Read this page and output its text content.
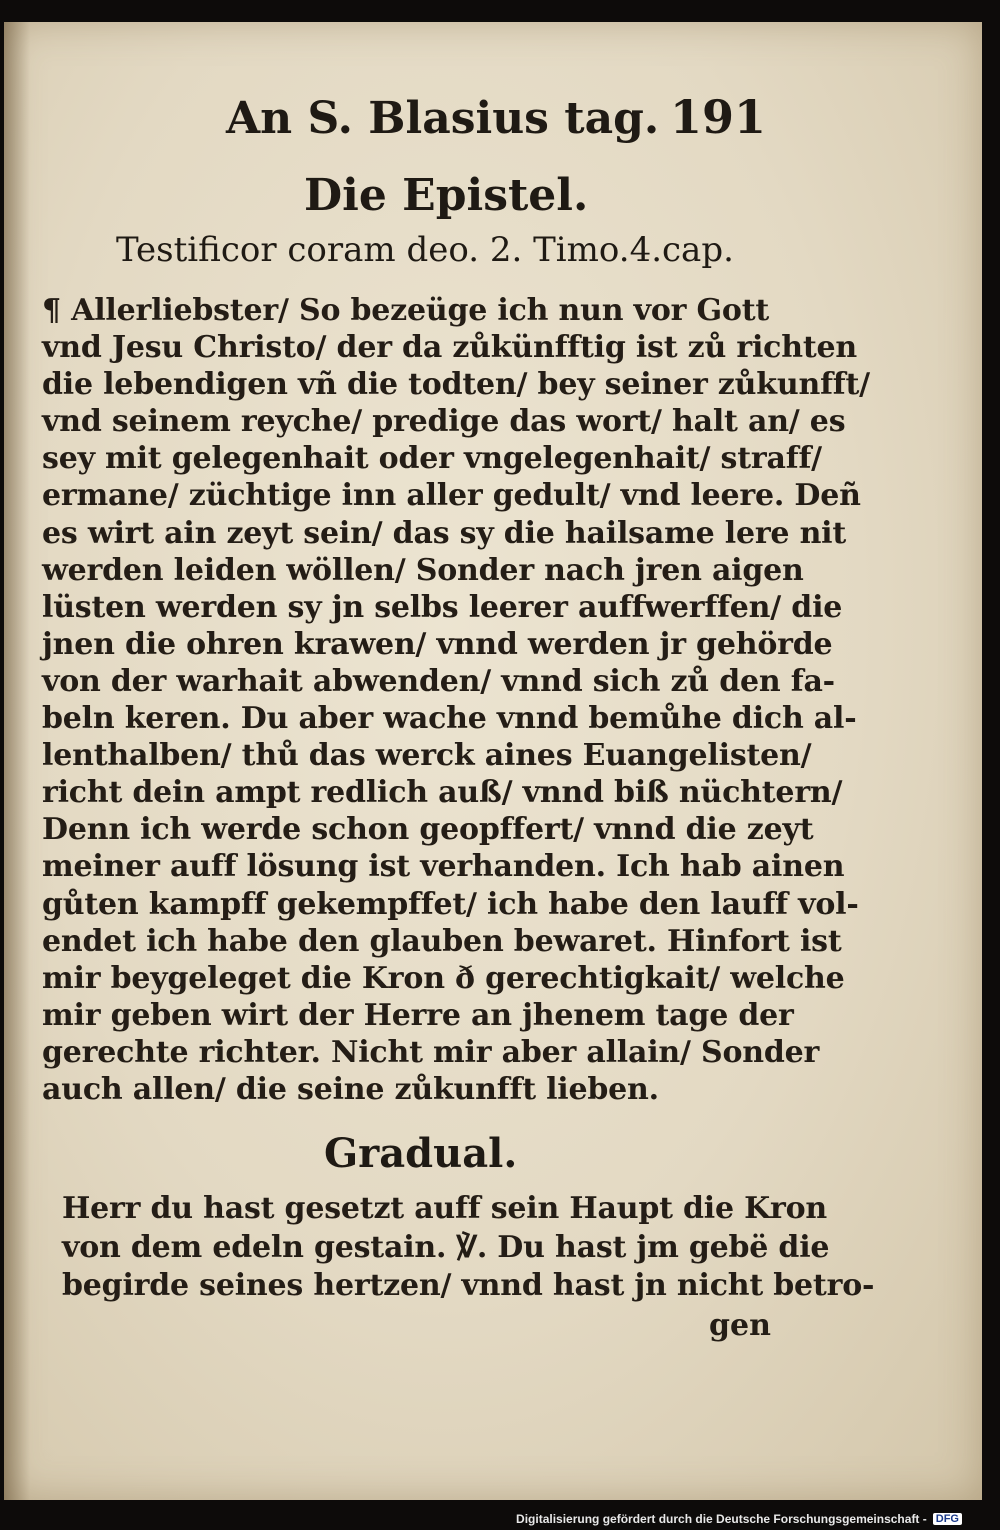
An S. Blasius tag. 191
Die Epistel.
Testificor coram deo. 2. Timo.4.cap.
¶ Allerliebster/ So bezeüge ich nun vor Gott
vnd Jesu Christo/ der da zůkünfftig ist zů richten
die lebendigen vñ die todten/ bey seiner zůkunfft/
vnd seinem reyche/ predige das wort/ halt an/ es
sey mit gelegenhait oder vngelegenhait/ straff/
ermane/ züchtige inn aller gedult/ vnd leere. Deñ
es wirt ain zeyt sein/ das sy die hailsame lere nit
werden leiden wöllen/ Sonder nach jren aigen
lüsten werden sy jn selbs leerer auffwerffen/ die
jnen die ohren krawen/ vnnd werden jr gehörde
von der warhait abwenden/ vnnd sich zů den fa-
beln keren. Du aber wache vnnd bemůhe dich al-
lenthalben/ thů das werck aines Euangelisten/
richt dein ampt redlich auß/ vnnd biß nüchtern/
Denn ich werde schon geopffert/ vnnd die zeyt
meiner auff lösung ist verhanden. Ich hab ainen
gůten kampff gekempffet/ ich habe den lauff vol-
endet ich habe den glauben bewaret. Hinfort ist
mir beygeleget die Kron ð gerechtigkait/ welche
mir geben wirt der Herre an jhenem tage der
gerechte richter. Nicht mir aber allain/ Sonder
auch allen/ die seine zůkunfft lieben.
Gradual.
Herr du hast gesetzt auff sein Haupt die Kron
von dem edeln gestain. ℣. Du hast jm gebë die
begirde seines hertzen/ vnnd hast jn nicht betro-
gen
Digitalisierung gefördert durch die Deutsche Forschungsgemeinschaft - DFG
